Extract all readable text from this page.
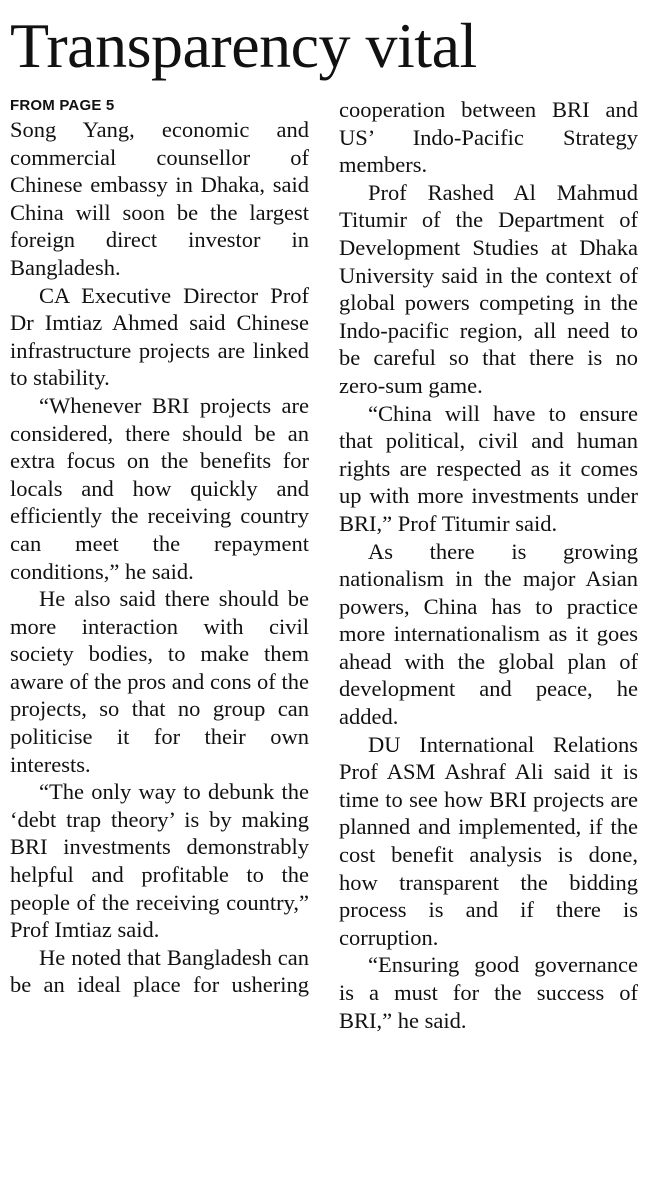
Transparency vital
FROM PAGE 5

Song Yang, economic and commercial counsellor of Chinese embassy in Dhaka, said China will soon be the largest foreign direct investor in Bangladesh.

CA Executive Director Prof Dr Imtiaz Ahmed said Chinese infrastructure projects are linked to stability.

“Whenever BRI projects are considered, there should be an extra focus on the benefits for locals and how quickly and efficiently the receiving country can meet the repayment conditions,” he said.

He also said there should be more interaction with civil society bodies, to make them aware of the pros and cons of the projects, so that no group can politicise it for their own interests.

“The only way to debunk the ‘debt trap theory’ is by making BRI investments demonstrably helpful and profitable to the people of the receiving country,” Prof Imtiaz said.

He noted that Bangladesh can be an ideal place for ushering

cooperation between BRI and US’ Indo-Pacific Strategy members.

Prof Rashed Al Mahmud Titumir of the Department of Development Studies at Dhaka University said in the context of global powers competing in the Indo-pacific region, all need to be careful so that there is no zero-sum game.

“China will have to ensure that political, civil and human rights are respected as it comes up with more investments under BRI,” Prof Titumir said.

As there is growing nationalism in the major Asian powers, China has to practice more internationalism as it goes ahead with the global plan of development and peace, he added.

DU International Relations Prof ASM Ashraf Ali said it is time to see how BRI projects are planned and implemented, if the cost benefit analysis is done, how transparent the bidding process is and if there is corruption.

“Ensuring good governance is a must for the success of BRI,” he said.
